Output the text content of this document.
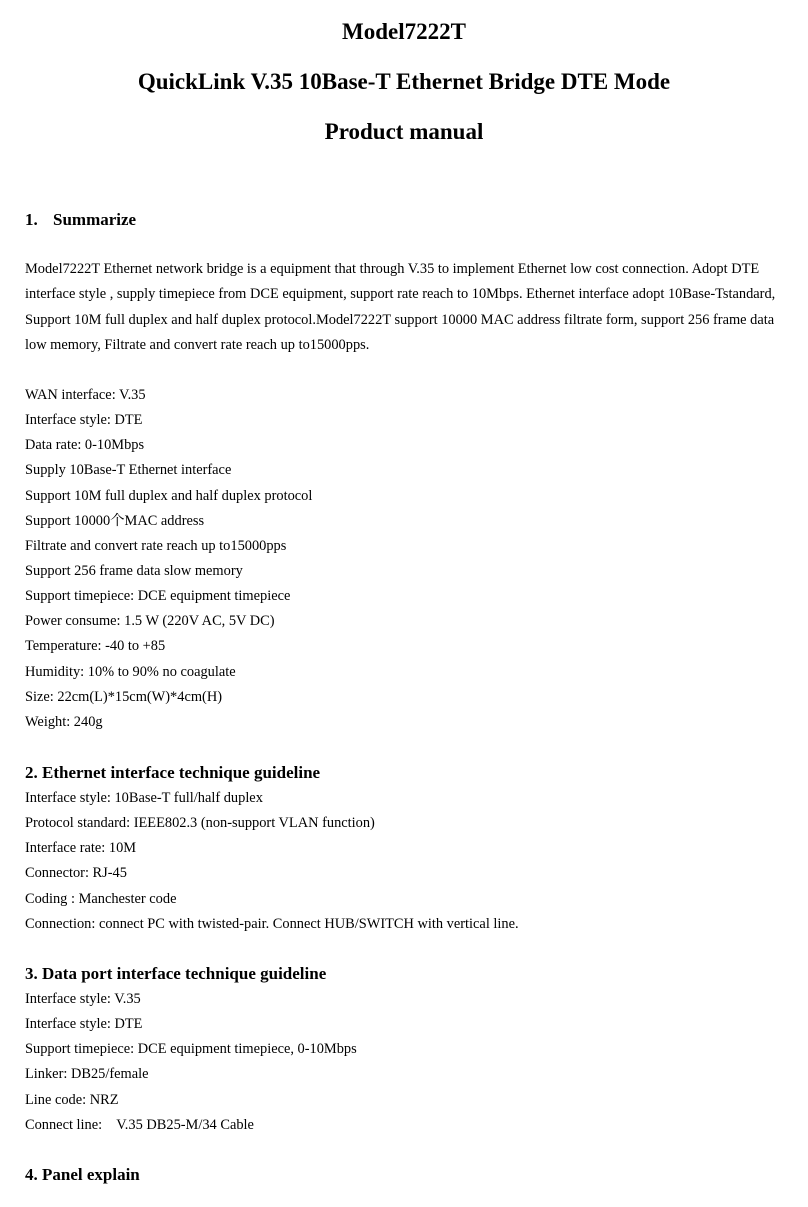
Model7222T
QuickLink V.35 10Base-T Ethernet Bridge DTE Mode
Product manual
1. Summarize
Model7222T Ethernet network bridge is a equipment that through V.35 to implement Ethernet low cost connection. Adopt DTE
interface style , supply timepiece from DCE equipment, support rate reach to 10Mbps. Ethernet interface adopt 10Base-Tstandard,
Support 10M full duplex and half duplex protocol.Model7222T support 10000 MAC address filtrate form, support 256 frame data
low memory, Filtrate and convert rate reach up to15000pps.
WAN interface: V.35
Interface style: DTE
Data rate: 0-10Mbps
Supply 10Base-T Ethernet interface
Support 10M full duplex and half duplex protocol
Support 10000个MAC address
Filtrate and convert rate reach up to15000pps
Support 256 frame data slow memory
Support timepiece: DCE equipment timepiece
Power consume: 1.5 W (220V AC, 5V DC)
Temperature: -40 to +85
Humidity: 10% to 90% no coagulate
Size: 22cm(L)*15cm(W)*4cm(H)
Weight: 240g
2. Ethernet interface technique guideline
Interface style: 10Base-T full/half duplex
Protocol standard: IEEE802.3 (non-support VLAN function)
Interface rate: 10M
Connector: RJ-45
Coding : Manchester code
Connection: connect PC with twisted-pair. Connect HUB/SWITCH with vertical line.
3. Data port interface technique guideline
Interface style: V.35
Interface style: DTE
Support timepiece: DCE equipment timepiece, 0-10Mbps
Linker: DB25/female
Line code: NRZ
Connect line:    V.35 DB25-M/34 Cable
4. Panel explain
